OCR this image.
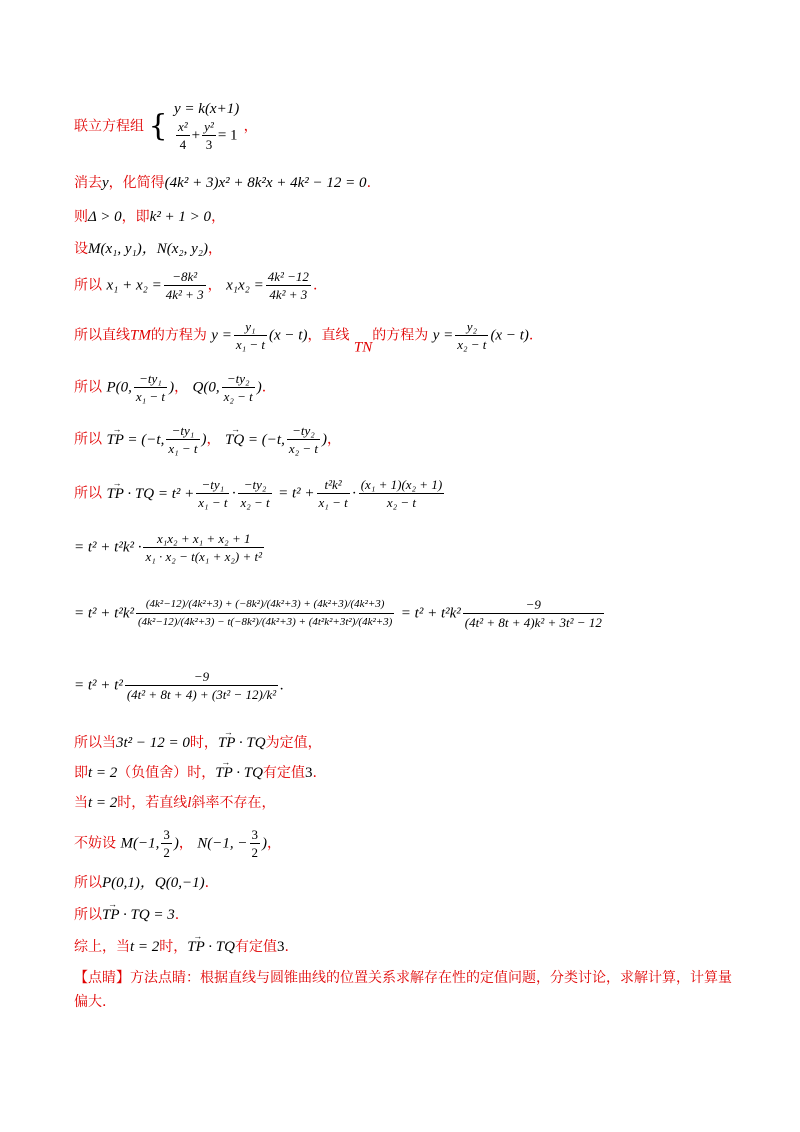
联立方程组 { y = k(x+1)
$\frac{\text{x²}}{4} + \frac{\text{y²}}{3} = 1$
，
消去y，化简得(4k² + 3)x² + 8k²x + 4k² − 12 = 0.
则Δ > 0，即k² + 1 > 0，
设M(x₁, y₁)，N(x₂, y₂)，
所以 $x_1 + x_2 = \frac{\text{−8k²}}{\text{4k² + 3}}$ ， $x_1x_2 = \frac{\text{4k² −12}}{\text{4k² + 3}}$ .
所以直线TM的方程为 $y = \frac{\text{y₁}}{\text{x₁ − t}} (x - t)$，直线 TN的方程为 $y = \frac{\text{y₂}}{\text{x₂ − t}} (x - t)$.
所以 P(0, $\frac{\text{−ty₁}}{\text{x₁ − t}}$ )， Q(0, $\frac{\text{−ty₂}}{\text{x₂ − t}}$ ).
所以 → TP = (−t, $\frac{\text{−ty₁}}{\text{x₁ − t}}$ )， → TQ = (−t, $\frac{\text{−ty₂}}{\text{x₂ − t}}$ )，
所以 → TP · TQ = $t^2 + \frac{\text{−ty₁}}{\text{x₁ − t}} \cdot \frac{\text{−ty₂}}{\text{x₂ − t}} = t^2 + \frac{\text{t²k²}}{\text{x₁ − t}} \cdot \frac{\text{(x₁ + 1)(x₂ + 1)}}{\text{x₂ − t}}$
= $t^2 + t^2k^2 \cdot \frac{\text{x₁x₂ + x₁ + x₂ + 1}}{\text{x₁ · x₂ − t(x₁ + x₂) + t²}}$
= $t^2 + t^2k^2 \frac{\text{(4k²−12)/(4k²+3) + (−8k²)/(4k²+3) + (4k²+3)/(4k²+3)}}{\text{(4k²−12)/(4k²+3) − t(−8k²)/(4k²+3) + (4t²k²+3t²)/(4k²+3)}} = t^2 + t^2k^2 \frac{-9}{\text{(4t² + 8t + 4)k² + 3t² − 12}}$
= $t^2 + t^2 \frac{-9}{\text{(4t² + 8t + 4) + (3t² − 12)/k²}}$ .
所以当3t² − 12 = 0时，→ TP · TQ为定值，
即t = 2（负值舍）时，→ TP · TQ有定值3.
当t = 2时，若直线l斜率不存在，
不妨设 M(−1, $\frac{3}{2}$ )， N(−1, − $\frac{3}{2}$ )，
所以P(0,1)，Q(0,−1).
所以→ TP · TQ = 3.
综上，当t = 2时，→ TP · TQ有定值3.
【点睛】方法点睛：根据直线与圆锥曲线的位置关系求解存在性的定值问题，分类讨论，求解计算，计算量偏大.
